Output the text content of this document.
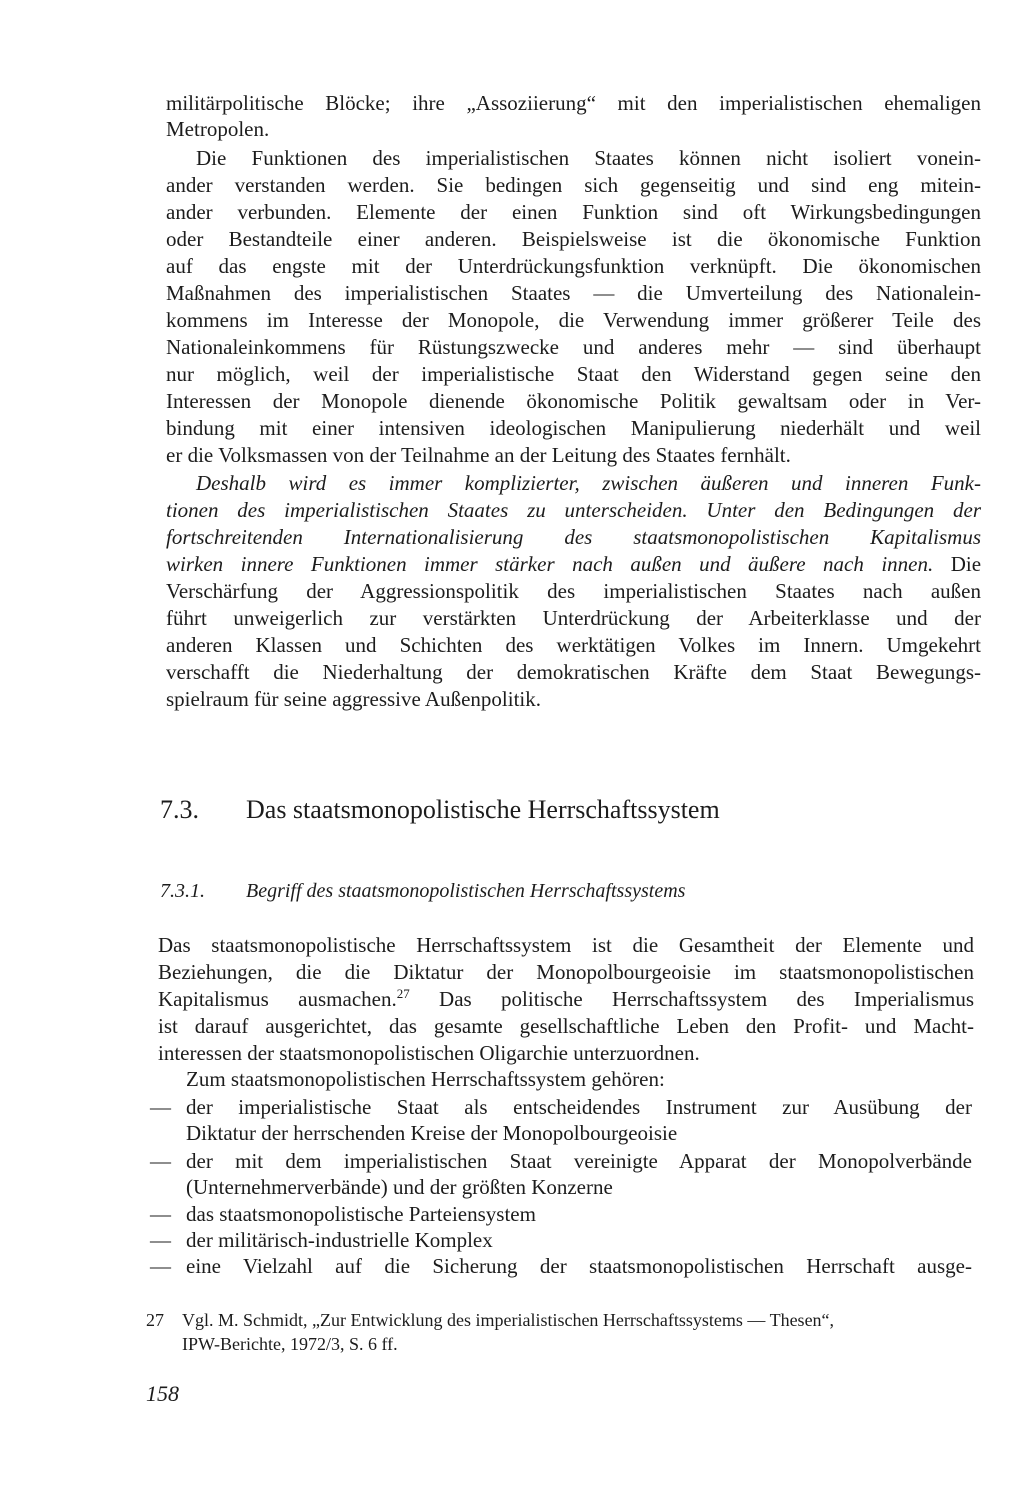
militärpolitische Blöcke; ihre „Assoziierung“ mit den imperialistischen ehemaligen
Metropolen.
Die Funktionen des imperialistischen Staates können nicht isoliert vonein-
ander verstanden werden. Sie bedingen sich gegenseitig und sind eng mitein-
ander verbunden. Elemente der einen Funktion sind oft Wirkungsbedingungen
oder Bestandteile einer anderen. Beispielsweise ist die ökonomische Funktion
auf das engste mit der Unterdrückungsfunktion verknüpft. Die ökonomischen
Maßnahmen des imperialistischen Staates — die Umverteilung des Nationalein-
kommens im Interesse der Monopole, die Verwendung immer größerer Teile des
Nationaleinkommens für Rüstungszwecke und anderes mehr — sind überhaupt
nur möglich, weil der imperialistische Staat den Widerstand gegen seine den
Interessen der Monopole dienende ökonomische Politik gewaltsam oder in Ver-
bindung mit einer intensiven ideologischen Manipulierung niederhält und weil
er die Volksmassen von der Teilnahme an der Leitung des Staates fernhält.
Deshalb wird es immer komplizierter, zwischen äußeren und inneren Funk-
tionen des imperialistischen Staates zu unterscheiden. Unter den Bedingungen der
fortschreitenden Internationalisierung des staatsmonopolistischen Kapitalismus
wirken innere Funktionen immer stärker nach außen und äußere nach innen. Die
Verschärfung der Aggressionspolitik des imperialistischen Staates nach außen
führt unweigerlich zur verstärkten Unterdrückung der Arbeiterklasse und der
anderen Klassen und Schichten des werktätigen Volkes im Innern. Umgekehrt
verschafft die Niederhaltung der demokratischen Kräfte dem Staat Bewegungs-
spielraum für seine aggressive Außenpolitik.
7.3. Das staatsmonopolistische Herrschaftssystem
7.3.1. Begriff des staatsmonopolistischen Herrschaftssystems
Das staatsmonopolistische Herrschaftssystem ist die Gesamtheit der Elemente und
Beziehungen, die die Diktatur der Monopolbourgeoisie im staatsmonopolistischen
Kapitalismus ausmachen.$^{27}$ Das politische Herrschaftssystem des Imperialismus
ist darauf ausgerichtet, das gesamte gesellschaftliche Leben den Profit- und Macht-
interessen der staatsmonopolistischen Oligarchie unterzuordnen.
Zum staatsmonopolistischen Herrschaftssystem gehören:
— der imperialistische Staat als entscheidendes Instrument zur Ausübung der
Diktatur der herrschenden Kreise der Monopolbourgeoisie
— der mit dem imperialistischen Staat vereinigte Apparat der Monopolverbände
(Unternehmerverbände) und der größten Konzerne
— das staatsmonopolistische Parteiensystem
— der militärisch-industrielle Komplex
— eine Vielzahl auf die Sicherung der staatsmonopolistischen Herrschaft ausge-
27 Vgl. M. Schmidt, „Zur Entwicklung des imperialistischen Herrschaftssystems — Thesen“,
IPW-Berichte, 1972/3, S. 6 ff.
158
